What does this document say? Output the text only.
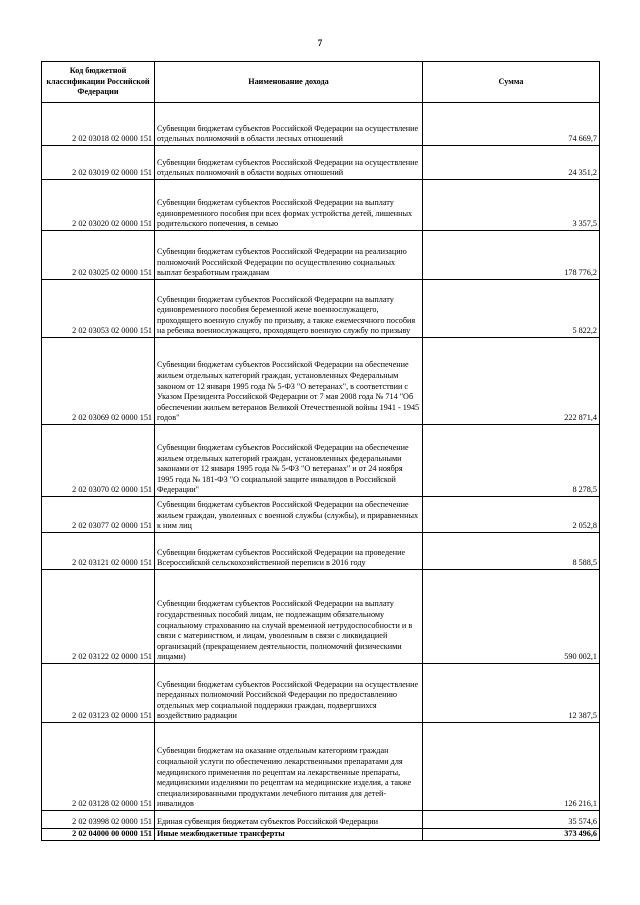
7
Код бюджетной классификации Российской Федерации	Наименование дохода	Сумма
2 02 03018 02 0000 151	Субвенции бюджетам субъектов Российской Федерации на осуществление отдельных полномочий в области лесных отношений	74 669,7
2 02 03019 02 0000 151	Субвенции бюджетам субъектов Российской Федерации на осуществление отдельных полномочий в области водных отношений	24 351,2
2 02 03020 02 0000 151	Субвенции бюджетам субъектов Российской Федерации на выплату единовременного пособия при всех формах устройства детей, лишенных родительского попечения, в семью	3 357,5
2 02 03025 02 0000 151	Субвенции бюджетам субъектов Российской Федерации на реализацию полномочий Российской Федерации по осуществлению социальных выплат безработным гражданам	178 776,2
2 02 03053 02 0000 151	Субвенции бюджетам субъектов Российской Федерации на выплату единовременного пособия беременной жене военнослужащего, проходящего военную службу по призыву, а также ежемесячного пособия на ребенка военнослужащего, проходящего военную службу по призыву	5 822,2
2 02 03069 02 0000 151	Субвенции бюджетам субъектов Российской Федерации на обеспечение жильем отдельных категорий граждан, установленных Федеральным законом от 12 января 1995 года № 5-ФЗ "О ветеранах", в соответствии с Указом Президента Российской Федерации от 7 мая 2008 года № 714 "Об обеспечении жильем ветеранов Великой Отечественной войны 1941 - 1945 годов"	222 871,4
2 02 03070 02 0000 151	Субвенции бюджетам субъектов Российской Федерации на обеспечение жильем отдельных категорий граждан, установленных федеральными законами от 12 января 1995 года № 5-ФЗ "О ветеранах" и от 24 ноября 1995 года № 181-ФЗ "О социальной защите инвалидов в Российской Федерации"	8 278,5
2 02 03077 02 0000 151	Субвенции бюджетам субъектов Российской Федерации на обеспечение жильем граждан, уволенных с военной службы (службы), и приравненных к ним лиц	2 052,8
2 02 03121 02 0000 151	Субвенции бюджетам субъектов Российской Федерации на проведение Всероссийской сельскохозяйственной переписи в 2016 году	8 588,5
2 02 03122 02 0000 151	Субвенции бюджетам субъектов Российской Федерации на выплату государственных пособий лицам, не подлежащим обязательному социальному страхованию на случай временной нетрудоспособности и в связи с материнством, и лицам, уволенным в связи с ликвидацией организаций (прекращением деятельности, полномочий физическими лицами)	590 002,1
2 02 03123 02 0000 151	Субвенции бюджетам субъектов Российской Федерации на осуществление переданных полномочий Российской Федерации по предоставлению отдельных мер социальной поддержки граждан, подвергшихся воздействию радиации	12 387,5
2 02 03128 02 0000 151	Субвенции бюджетам на оказание отдельным категориям граждан социальной услуги по обеспечению лекарственными препаратами для медицинского применения по рецептам на лекарственные препараты, медицинскими изделиями по рецептам на медицинские изделия, а также специализированными продуктами лечебного питания для детей-инвалидов	126 216,1
2 02 03998 02 0000 151	Единая субвенция бюджетам субъектов Российской Федерации	35 574,6
2 02 04000 00 0000 151	Иные межбюджетные трансферты	373 496,6
